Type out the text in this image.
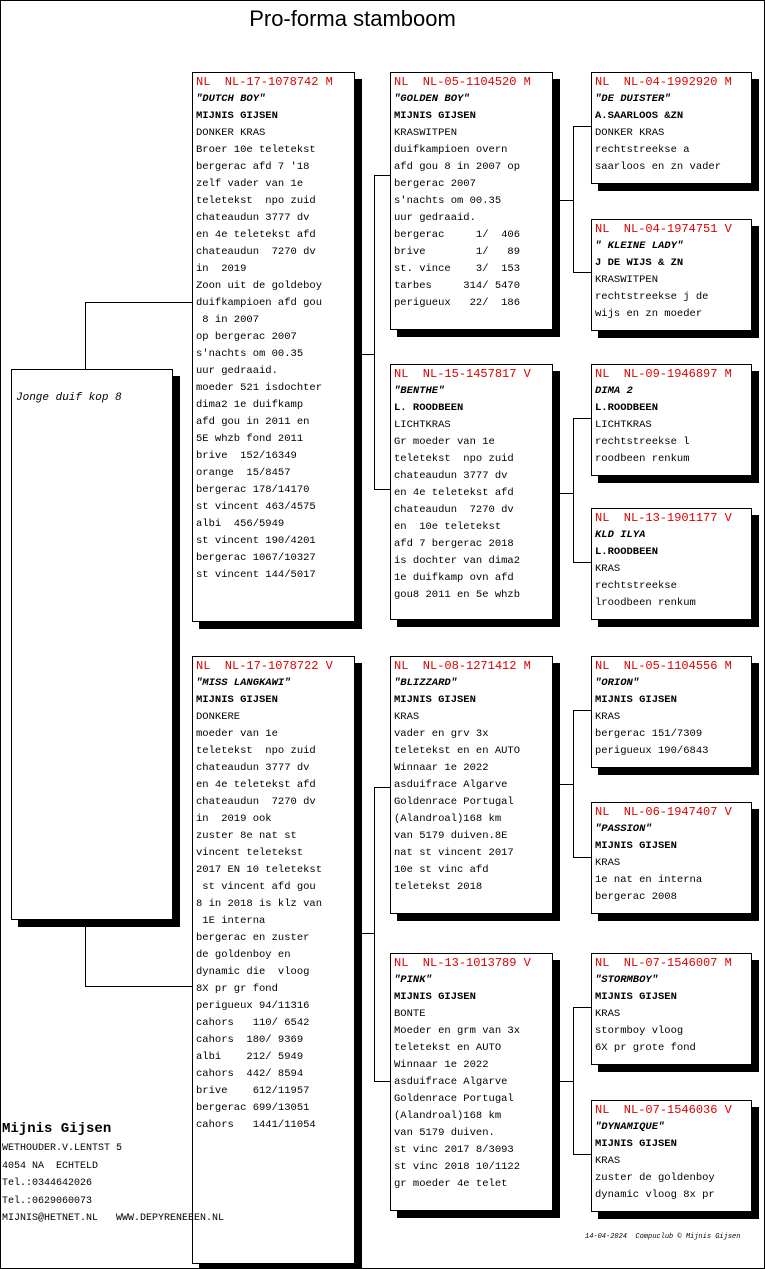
Pro-forma stamboom
Jonge duif kop 8
NL  NL-17-1078742 M
"DUTCH BOY"
MIJNIS GIJSEN
DONKER KRAS
Broer 10e teletekst
bergerac afd 7 '18
zelf vader van 1e
teletekst  npo zuid
chateaudun 3777 dv
en 4e teletekst afd
chateaudun  7270 dv
in  2019
Zoon uit de goldeboy
duifkampioen afd gou
8 in 2007
op bergerac 2007
s'nachts om 00.35
uur gedraaid.
moeder 521 isdochter
dima2 1e duifkamp
afd gou in 2011 en
5E whzb fond 2011
brive  152/16349
orange  15/8457
bergerac 178/14170
st vincent 463/4575
albi  456/5949
st vincent 190/4201
bergerac 1067/10327
st vincent 144/5017
NL  NL-17-1078722 V
"MISS LANGKAWI"
MIJNIS GIJSEN
DONKERE
moeder van 1e
teletekst  npo zuid
chateaudun 3777 dv
en 4e teletekst afd
chateaudun  7270 dv
in  2019 ook
zuster 8e nat st
vincent teletekst
2017 EN 10 teletekst
st vincent afd gou
8 in 2018 is klz van
1E interna
bergerac en zuster
de goldenboy en
dynamic die  vloog
8X pr gr fond
perigueux 94/11316
cahors   110/ 6542
cahors  180/ 9369
albi    212/ 5949
cahors  442/ 8594
brive    612/11957
bergerac 699/13051
cahors   1441/11054
NL  NL-05-1104520 M
"GOLDEN BOY"
MIJNIS GIJSEN
KRASWITPEN
duifkampioen overn
afd gou 8 in 2007 op
bergerac 2007
s'nachts om 00.35
uur gedraaid.
bergerac     1/  406
brive        1/   89
st. vince    3/  153
tarbes     314/ 5470
perigueux   22/  186
NL  NL-15-1457817 V
"BENTHE"
L. ROODBEEN
LICHTKRAS
Gr moeder van 1e
teletekst  npo zuid
chateaudun 3777 dv
en 4e teletekst afd
chateaudun  7270 dv
en  10e teletekst
afd 7 bergerac 2018
is dochter van dima2
1e duifkamp ovn afd
gou8 2011 en 5e whzb
NL  NL-08-1271412 M
"BLIZZARD"
MIJNIS GIJSEN
KRAS
vader en grv 3x
teletekst en en AUTO
Winnaar 1e 2022
asduifrace Algarve
Goldenrace Portugal
(Alandroal)168 km
van 5179 duiven.8E
nat st vincent 2017
10e st vinc afd
teletekst 2018
NL  NL-13-1013789 V
"PINK"
MIJNIS GIJSEN
BONTE
Moeder en grm van 3x
teletekst en AUTO
Winnaar 1e 2022
asduifrace Algarve
Goldenrace Portugal
(Alandroal)168 km
van 5179 duiven.
st vinc 2017 8/3093
st vinc 2018 10/1122
gr moeder 4e telet
NL  NL-04-1992920 M
"DE DUISTER"
A.SAARLOOS &ZN
DONKER KRAS
rechtstreekse a
saarloos en zn vader
NL  NL-04-1974751 V
" KLEINE LADY"
J DE WIJS & ZN
KRASWITPEN
rechtstreekse j de
wijs en zn moeder
NL  NL-09-1946897 M
DIMA 2
L.ROODBEEN
LICHTKRAS
rechtstreekse l
roodbeen renkum
NL  NL-13-1901177 V
KLD ILYA
L.ROODBEEN
KRAS
rechtstreekse
lroodbeen renkum
NL  NL-05-1104556 M
"ORION"
MIJNIS GIJSEN
KRAS
bergerac 151/7309
perigueux 190/6843
NL  NL-06-1947407 V
"PASSION"
MIJNIS GIJSEN
KRAS
1e nat en interna
bergerac 2008
NL  NL-07-1546007 M
"STORMBOY"
MIJNIS GIJSEN
KRAS
stormboy vloog
6X pr grote fond
NL  NL-07-1546036 V
"DYNAMIQUE"
MIJNIS GIJSEN
KRAS
zuster de goldenboy
dynamic vloog 8x pr
Mijnis Gijsen
WETHOUDER.V.LENTST 5
4054 NA  ECHTELD
Tel.:0344642026
Tel.:0629060073
MIJNIS@HETNET.NL   WWW.DEPYRENEEEN.NL
14-04-2024  Compuclub © Mijnis Gijsen
